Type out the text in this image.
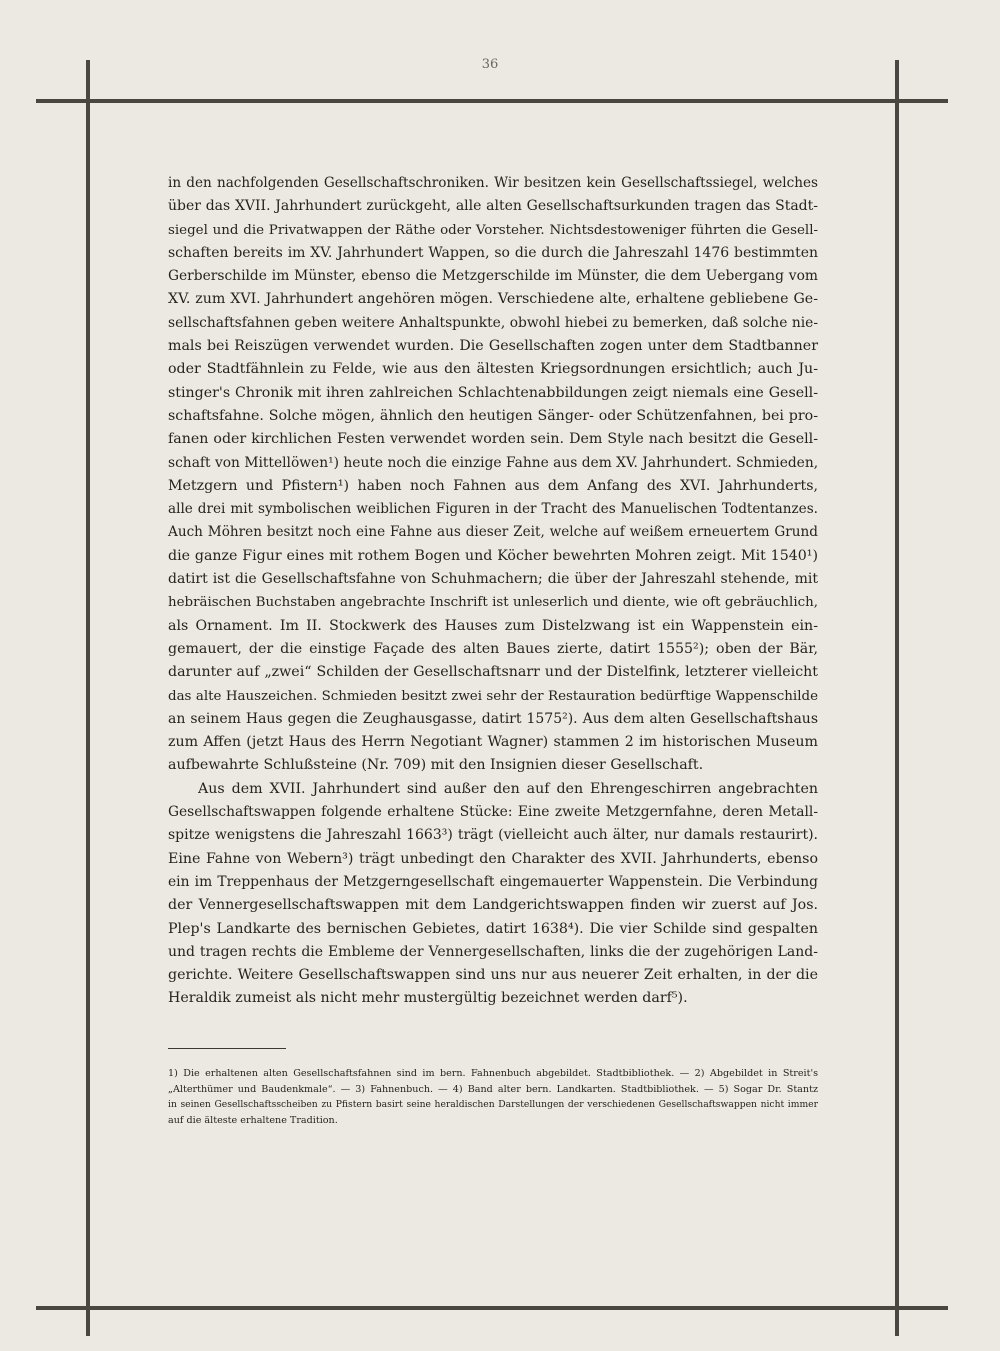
36
in den nachfolgenden Gesellschaftschroniken. Wir besitzen kein Gesellschaftssiegel, welches
über das XVII. Jahrhundert zurückgeht, alle alten Gesellschaftsurkunden tragen das Stadt-
siegel und die Privatwappen der Räthe oder Vorsteher. Nichtsdestoweniger führten die Gesell-
schaften bereits im XV. Jahrhundert Wappen, so die durch die Jahreszahl 1476 bestimmten
Gerberschilde im Münster, ebenso die Metzgerschilde im Münster, die dem Uebergang vom
XV. zum XVI. Jahrhundert angehören mögen. Verschiedene alte, erhaltene gebliebene Ge-
sellschaftsfahnen geben weitere Anhaltspunkte, obwohl hiebei zu bemerken, daß solche nie-
mals bei Reiszügen verwendet wurden. Die Gesellschaften zogen unter dem Stadtbanner
oder Stadtfähnlein zu Felde, wie aus den ältesten Kriegsordnungen ersichtlich; auch Ju-
stinger's Chronik mit ihren zahlreichen Schlachtenabbildungen zeigt niemals eine Gesell-
schaftsfahne. Solche mögen, ähnlich den heutigen Sänger- oder Schützenfahnen, bei pro-
fanen oder kirchlichen Festen verwendet worden sein. Dem Style nach besitzt die Gesell-
schaft von Mittellöwen¹) heute noch die einzige Fahne aus dem XV. Jahrhundert. Schmieden,
Metzgern und Pfistern¹) haben noch Fahnen aus dem Anfang des XVI. Jahrhunderts,
alle drei mit symbolischen weiblichen Figuren in der Tracht des Manuelischen Todtentanzes.
Auch Möhren besitzt noch eine Fahne aus dieser Zeit, welche auf weißem erneuertem Grund
die ganze Figur eines mit rothem Bogen und Köcher bewehrten Mohren zeigt. Mit 1540¹)
datirt ist die Gesellschaftsfahne von Schuhmachern; die über der Jahreszahl stehende, mit
hebräischen Buchstaben angebrachte Inschrift ist unleserlich und diente, wie oft gebräuchlich,
als Ornament. Im II. Stockwerk des Hauses zum Distelzwang ist ein Wappenstein ein-
gemauert, der die einstige Façade des alten Baues zierte, datirt 1555²); oben der Bär,
darunter auf „zwei“ Schilden der Gesellschaftsnarr und der Distelfink, letzterer vielleicht
das alte Hauszeichen. Schmieden besitzt zwei sehr der Restauration bedürftige Wappenschilde
an seinem Haus gegen die Zeughausgasse, datirt 1575²). Aus dem alten Gesellschaftshaus
zum Affen (jetzt Haus des Herrn Negotiant Wagner) stammen 2 im historischen Museum
aufbewahrte Schlußsteine (Nr. 709) mit den Insignien dieser Gesellschaft.
Aus dem XVII. Jahrhundert sind außer den auf den Ehrengeschirren angebrachten
Gesellschaftswappen folgende erhaltene Stücke: Eine zweite Metzgernfahne, deren Metall-
spitze wenigstens die Jahreszahl 1663³) trägt (vielleicht auch älter, nur damals restaurirt).
Eine Fahne von Webern³) trägt unbedingt den Charakter des XVII. Jahrhunderts, ebenso
ein im Treppenhaus der Metzgerngesellschaft eingemauerter Wappenstein. Die Verbindung
der Vennergesellschaftswappen mit dem Landgerichtswappen finden wir zuerst auf Jos.
Plep's Landkarte des bernischen Gebietes, datirt 1638⁴). Die vier Schilde sind gespalten
und tragen rechts die Embleme der Vennergesellschaften, links die der zugehörigen Land-
gerichte. Weitere Gesellschaftswappen sind uns nur aus neuerer Zeit erhalten, in der die
Heraldik zumeist als nicht mehr mustergültig bezeichnet werden darf⁵).
1) Die erhaltenen alten Gesellschaftsfahnen sind im bern. Fahnenbuch abgebildet. Stadtbibliothek. — 2) Abgebildet in Streit's
„Alterthümer und Baudenkmale“. — 3) Fahnenbuch. — 4) Band alter bern. Landkarten. Stadtbibliothek. — 5) Sogar Dr. Stantz
in seinen Gesellschaftsscheiben zu Pfistern basirt seine heraldischen Darstellungen der verschiedenen Gesellschaftswappen nicht immer
auf die älteste erhaltene Tradition.
